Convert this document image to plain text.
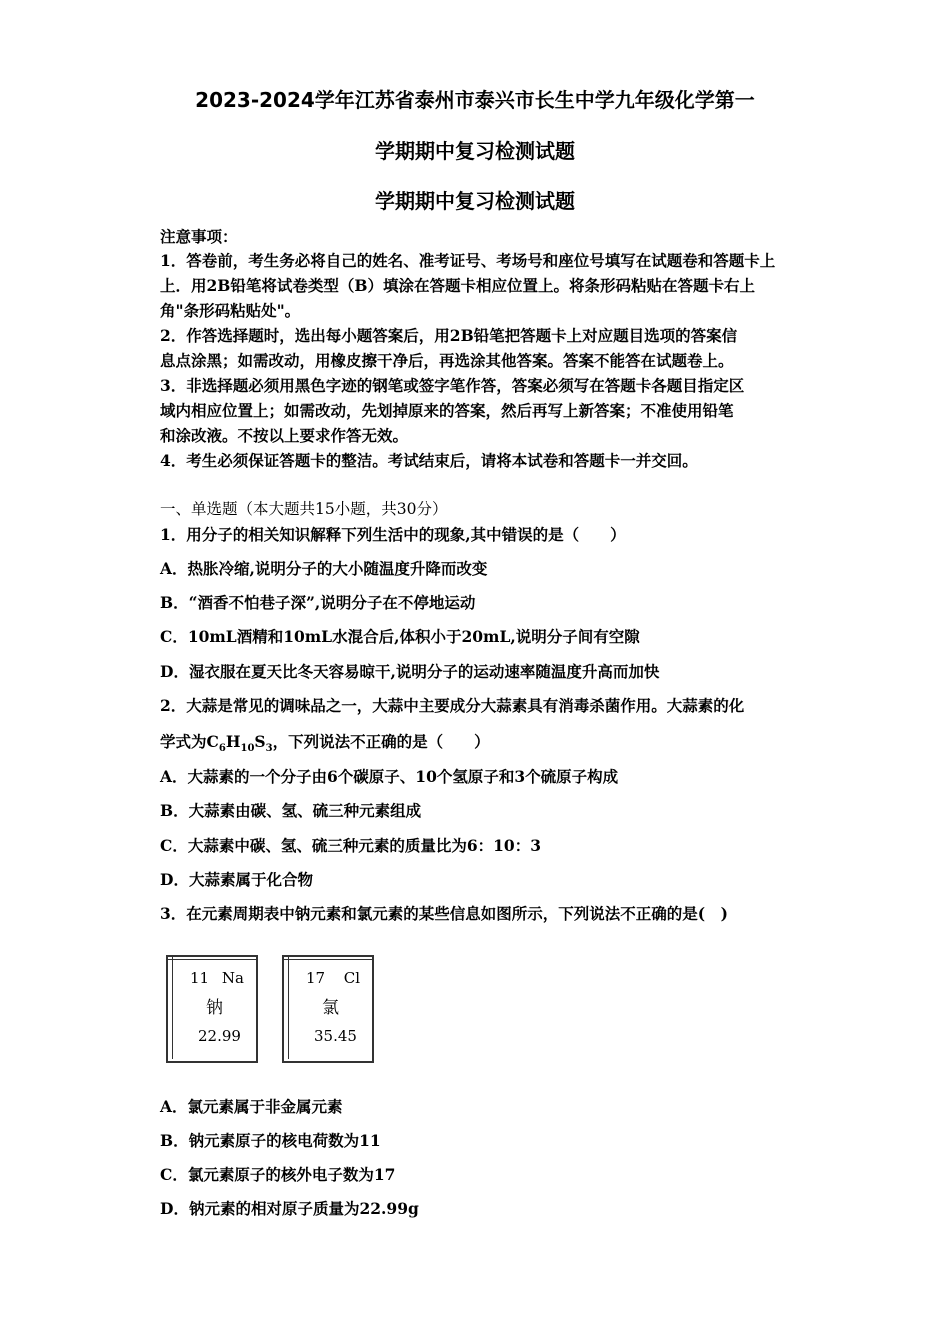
2023-2024学年江苏省泰州市泰兴市长生中学九年级化学第一
学期期中复习检测试题
学期期中复习检测试题
注意事项：
1．答卷前，考生务必将自己的姓名、准考证号、考场号和座位号填写在试题卷和答题卡上
上．用2B铅笔将试卷类型（B）填涂在答题卡相应位置上。将条形码粘贴在答题卡右上
角"条形码粘贴处"。
2．作答选择题时，选出每小题答案后，用2B铅笔把答题卡上对应题目选项的答案信
息点涂黑；如需改动，用橡皮擦干净后，再选涂其他答案。答案不能答在试题卷上。
3．非选择题必须用黑色字迹的钢笔或签字笔作答，答案必须写在答题卡各题目指定区
域内相应位置上；如需改动，先划掉原来的答案，然后再写上新答案；不准使用铅笔
和涂改液。不按以上要求作答无效。
4．考生必须保证答题卡的整洁。考试结束后，请将本试卷和答题卡一并交回。
一、单选题（本大题共15小题，共30分）
1．用分子的相关知识解释下列生活中的现象,其中错误的是（　　）
A．热胀冷缩,说明分子的大小随温度升降而改变
B．“酒香不怕巷子深”,说明分子在不停地运动
C．10mL酒精和10mL水混合后,体积小于20mL,说明分子间有空隙
D．湿衣服在夏天比冬天容易晾干,说明分子的运动速率随温度升高而加快
2．大蒜是常见的调味品之一，大蒜中主要成分大蒜素具有消毒杀菌作用。大蒜素的化
学式为$C_6H_{10}S_3$，下列说法不正确的是（　　）
A．大蒜素的一个分子由6个碳原子、10个氢原子和3个硫原子构成
B．大蒜素由碳、氢、硫三种元素组成
C．大蒜素中碳、氢、硫三种元素的质量比为6：10：3
D．大蒜素属于化合物
3．在元素周期表中钠元素和氯元素的某些信息如图所示，下列说法不正确的是(　)
11 Na
钠
22.99
17 Cl
氯
35.45
A．氯元素属于非金属元素
B．钠元素原子的核电荷数为11
C．氯元素原子的核外电子数为17
D．钠元素的相对原子质量为22.99g
